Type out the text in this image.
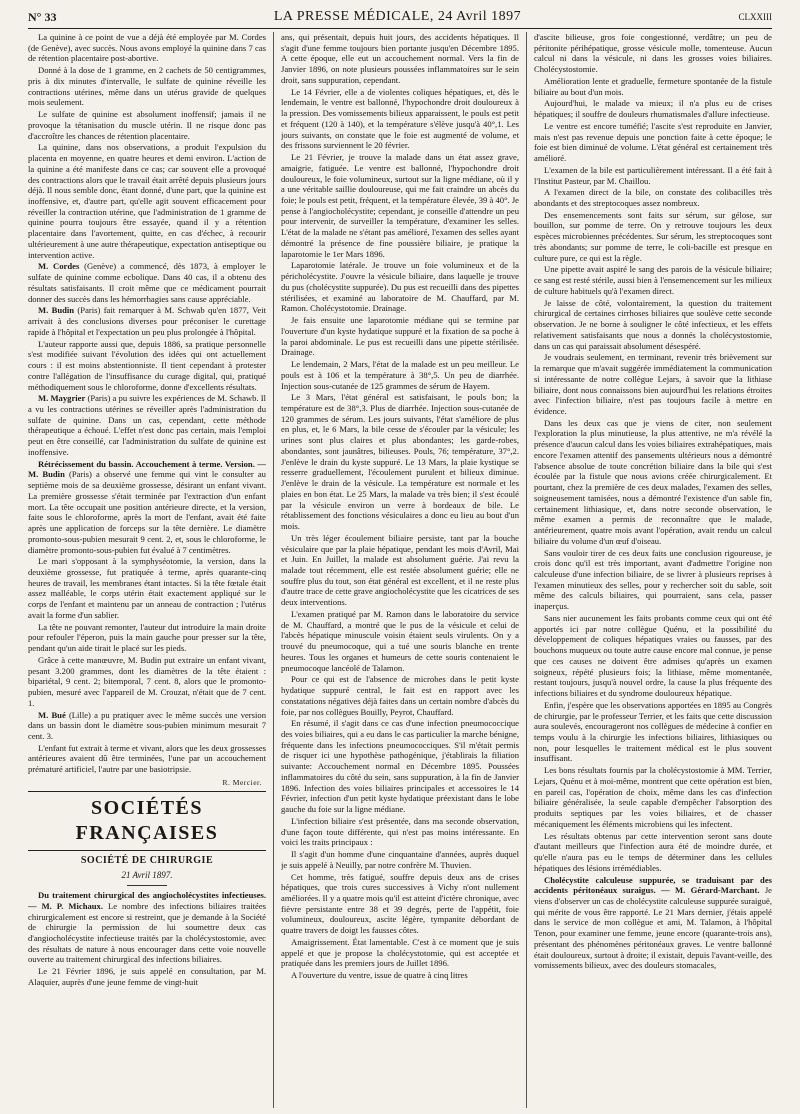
N° 33	LA PRESSE MÉDICALE, 24 Avril 1897	CLXXIII

La quinine à ce point de vue a déjà été employée par M. Cordes (de Genève), avec succès. Nous avons employé la quinine dans 7 cas de rétention placentaire post-abortive.

Donné à la dose de 1 gramme, en 2 cachets de 50 centigrammes, pris à dix minutes d'intervalle, le sulfate de quinine réveille les contractions utérines, même dans un utérus gravide de quelques mois seulement.

Le sulfate de quinine est absolument inoffensif; jamais il ne provoque la tétanisation du muscle utérin. Il ne risque donc pas d'accroître les chances de rétention placentaire.

La quinine, dans nos observations, a produit l'expulsion du placenta en moyenne, en quatre heures et demi environ. L'action de la quinine a été manifeste dans ce cas; car souvent elle a provoqué des contractions alors que le travail était arrêté depuis plusieurs jours déjà. Il nous semble donc, étant donné, d'une part, que la quinine est inoffensive, et, d'autre part, qu'elle agit souvent efficacement pour réveiller la contraction utérine, que l'administration de 1 gramme de quinine pourra toujours être essayée, quand il y a rétention placentaire dans l'avortement, quitte, en cas d'échec, à recourir ultérieurement à une autre thérapeutique, expectation antiseptique ou intervention active.

M. Cordes (Genève) a commencé, dès 1873, à employer le sulfate de quinine comme ecbolique. Dans 40 cas, il a obtenu des résultats satisfaisants. Il croit même que ce médicament pourrait donner des succès dans les hémorrhagies sans cause appréciable.

M. Budin (Paris) fait remarquer à M. Schwab qu'en 1877, Veit arrivait à des conclusions diverses pour préconiser le curettage rapide à l'hôpital et l'expectation un peu plus prolongée à l'hôpital.

L'auteur rapporte aussi que, depuis 1886, sa pratique personnelle s'est modifiée suivant l'évolution des idées qui ont actuellement cours : il est moins abstentionniste. Il tient cependant à protester contre l'allégation de l'insuffisance du curage digital, qui, pratiqué méthodiquement sous le chloroforme, donne d'excellents résultats.

M. Maygrier (Paris) a pu suivre les expériences de M. Schawb. Il a vu les contractions utérines se réveiller après l'administration du sulfate de quinine. Dans un cas, cependant, cette méthode thérapeutique a échoué. L'effet n'est donc pas certain, mais l'emploi peut en être conseillé, car l'administration du sulfate de quinine est inoffensive.

Rétrécissement du bassin. Accouchement à terme. Version. — M. Budin (Paris) a observé une femme qui vint le consulter au septième mois de sa deuxième grossesse, désirant un enfant vivant. La première grossesse s'était terminée par l'extraction d'un enfant mort. La tête occupait une position antérieure directe, et la version, faite sous le chloroforme, après la mort de l'enfant, avait été faite après une application de forceps sur la tête dernière. Le diamètre promonto-sous-pubien mesurait 9 cent. 2, et, sous le chloroforme, le diamètre promonto-sous-pubien fut évalué à 7 centimètres.

Le mari s'opposant à la symphyséotomie, la version, dans la deuxième grossesse, fut pratiquée à terme, après quarante-cinq heures de travail, les membranes étant intactes. Si la tête fœtale était assez malléable, le corps utérin était exactement appliqué sur le corps de l'enfant et maintenu par un anneau de contraction ; l'utérus avait la forme d'un sablier.

La tête ne pouvant remonter, l'auteur dut introduire la main droite pour refouler l'éperon, puis la main gauche pour presser sur la tête, pendant qu'un aide tirait le placé sur les pieds.

Grâce à cette manœuvre, M. Budin put extraire un enfant vivant, pesant 3.200 grammes, dont les diamètres de la tête étaient : bipariétal, 9 cent. 2; bitemporal, 7 cent. 8, alors que le promonto-pubien, mesuré avec l'appareil de M. Crouzat, n'était que de 7 cent. 1.

M. Bué (Lille) a pu pratiquer avec le même succès une version dans un bassin dont le diamètre sous-pubien minimum mesurait 7 cent. 3.

L'enfant fut extrait à terme et vivant, alors que les deux grossesses antérieures avaient dû être terminées, l'une par un accouchement prématuré artificiel, l'autre par une basiotripsie.

R. Mercier.

SOCIÉTÉS FRANÇAISES
SOCIÉTÉ DE CHIRURGIE
21 Avril 1897.

Du traitement chirurgical des angiocholécystites infectieuses. — M. P. Michaux. Le nombre des infections biliaires traitées chirurgicalement est encore si restreint, que je demande à la Société de chirurgie la permission de lui soumettre deux cas d'angiocholécystite infectieuse traités par la cholécystostomie, avec des résultats de nature à nous encourager dans cette voie nouvelle ouverte au traitement chirurgical des infections biliaires.

Le 21 Février 1896, je suis appelé en consultation, par M. Alaquier, auprès d'une jeune femme de vingt-huit

ans, qui présentait, depuis huit jours, des accidents hépatiques. Il s'agit d'une femme toujours bien portante jusqu'en Décembre 1895. A cette époque, elle eut un accouchement normal. Vers la fin de Janvier 1896, on note plusieurs poussées inflammatoires sur le sein droit, sans suppuration, cependant.

Le 14 Février, elle a de violentes coliques hépatiques, et, dès le lendemain, le ventre est ballonné, l'hypochondre droit douloureux à la pression. Des vomissements bilieux apparaissent, le pouls est petit et fréquent (120 à 140), et la température s'élève jusqu'à 40°,1. Les jours suivants, on constate que le foie est augmenté de volume, et des frissons surviennent le 20 février.

Le 21 Février, je trouve la malade dans un état assez grave, amaigrie, fatiguée. Le ventre est ballonné, l'hypochondre droit douloureux, le foie volumineux, surtout sur la ligne médiane, où il y a une véritable saillie douloureuse, qui me fait craindre un abcès du foie; le pouls est petit, fréquent, et la température élevée, 39 à 40°. Je pense à l'angiocholécystite; cependant, je conseille d'attendre un peu pour intervenir, de surveiller la température, d'examiner les selles. L'état de la malade ne s'étant pas amélioré, l'examen des selles ayant démontré la présence de fine poussière biliaire, je pratique la laparotomie le 1er Mars 1896.

Laparotomie latérale. Je trouve un foie volumineux et de la péricholécystite. J'ouvre la vésicule biliaire, dans laquelle je trouve du pus (cholécystite suppurée). Du pus est recueilli dans des pipettes stérilisées, et examiné au laboratoire de M. Chauffard, par M. Ramon. Cholécystotomie. Drainage.

Je fais ensuite une laparotomie médiane qui se termine par l'ouverture d'un kyste hydatique suppuré et la fixation de sa poche à la paroi abdominale. Le pus est recueilli dans une pipette stérilisée. Drainage.

Le lendemain, 2 Mars, l'état de la malade est un peu meilleur. Le pouls est à 106 et la température à 38°,5. Un peu de diarrhée. Injection sous-cutanée de 125 grammes de sérum de Hayem.

Le 3 Mars, l'état général est satisfaisant, le pouls bon; la température est de 38°,3. Plus de diarrhée. Injection sous-cutanée de 120 grammes de sérum. Les jours suivants, l'état s'améliore de plus en plus, et, le 6 Mars, la bile cesse de s'écouler par la vésicule; les urines sont plus claires et plus abondantes; les garde-robes, abondantes, sont jaunâtres, bilieuses. Pouls, 76; température, 37°,2. J'enlève le drain du kyste suppuré. Le 13 Mars, la plaie kystique se resserre graduellement, l'écoulement purulent et bilieux diminue. J'enlève le drain de la vésicule. La température est normale et les plaies en bon état. Le 25 Mars, la malade va très bien; il s'est écoulé par la vésicule environ un verre à bordeaux de bile. Le rétablissement des fonctions vésiculaires a donc eu lieu au bout d'un mois.

Un très léger écoulement biliaire persiste, tant par la bouche vésiculaire que par la plaie hépatique, pendant les mois d'Avril, Mai et Juin. En Juillet, la malade est absolument guérie. J'ai revu la malade tout récemment, elle est restée absolument guérie; elle ne souffre plus du tout, son état général est excellent, et il ne reste plus d'autre trace de cette grave angiocholécystite que les cicatrices de ses deux interventions.

L'examen pratiqué par M. Ramon dans le laboratoire du service de M. Chauffard, a montré que le pus de la vésicule et celui de l'abcès hépatique minuscule voisin étaient seuls virulents. On y a trouvé du pneumocoque, qui a tué une souris blanche en trente heures. Tous les organes et humeurs de cette souris contenaient le pneumocoque lancéolé de Talamon.

Pour ce qui est de l'absence de microbes dans le petit kyste hydatique suppuré central, le fait est en rapport avec les constatations négatives déjà faites dans un certain nombre d'abcès du foie, par nos collègues Bouilly, Peyrot, Chauffard.

En résumé, il s'agit dans ce cas d'une infection pneumococcique des voies biliaires, qui a eu dans le cas particulier la marche bénigne, fréquente dans les infections pneumococciques. S'il m'était permis de risquer ici une hypothèse pathogénique, j'établirais la filiation suivante: Accouchement normal en Décembre 1895. Poussées inflammatoires du côté du sein, sans suppuration, à la fin de Janvier 1896. Infection des voies biliaires principales et accessoires le 14 Février, infection d'un petit kyste hydatique préexistant dans le lobe gauche du foie sur la ligne médiane.

L'infection biliaire s'est présentée, dans ma seconde observation, d'une façon toute différente, qui n'est pas moins intéressante. En voici les traits principaux :

Il s'agit d'un homme d'une cinquantaine d'années, auprès duquel je suis appelé à Neuilly, par notre confrère M. Thuvien.

Cet homme, très fatigué, souffre depuis deux ans de crises hépatiques, que trois cures successives à Vichy n'ont nullement améliorées. Il y a quatre mois qu'il est atteint d'ictère chronique, avec fièvre persistante entre 38 et 39 degrés, perte de l'appétit, foie volumineux, douloureux, ascite légère, tympanite débordant de quatre travers de doigt les fausses côtes.

Amaigrissement. État lamentable. C'est à ce moment que je suis appelé et que je propose la cholécystotomie, qui est acceptée et pratiquée dans les premiers jours de Juillet 1896.

A l'ouverture du ventre, issue de quatre à cinq litres

d'ascite bilieuse, gros foie congestionné, verdâtre; un peu de péritonite périhépatique, grosse vésicule molle, tomenteuse. Aucun calcul ni dans la vésicule, ni dans les grosses voies biliaires. Cholécystostomie.

Amélioration lente et graduelle, fermeture spontanée de la fistule biliaire au bout d'un mois.

Aujourd'hui, le malade va mieux; il n'a plus eu de crises hépatiques; il souffre de douleurs rhumatismales d'allure infectieuse.

Le ventre est encore tuméfié; l'ascite s'est reproduite en Janvier, mais n'est pas revenue depuis une ponction faite à cette époque; le foie est bien diminué de volume. L'état général est certainement très amélioré.

L'examen de la bile est particulièrement intéressant. Il a été fait à l'Institut Pasteur, par M. Chaillou.

A l'examen direct de la bile, on constate des colibacilles très abondants et des streptocoques assez nombreux.

Des ensemencements sont faits sur sérum, sur gélose, sur bouillon, sur pomme de terre. On y retrouve toujours les deux espèces microbiennes précédentes. Sur sérum, les streptocoques sont très abondants; sur pomme de terre, le coli-bacille est presque en culture pure, ce qui est la règle.

Une pipette avait aspiré le sang des parois de la vésicule biliaire; ce sang est resté stérile, aussi bien à l'ensemencement sur les milieux de culture habituels qu'à l'examen direct.

Je laisse de côté, volontairement, la question du traitement chirurgical de certaines cirrhoses biliaires que soulève cette seconde observation. Je ne borne à souligner le côté infectieux, et les effets relativement satisfaisants que nous a donnés la cholécystostomie, dans un cas qui paraissait absolument désespéré.

Je voudrais seulement, en terminant, revenir très brièvement sur la remarque que m'avait suggérée immédiatement la communication si intéressante de notre collègue Lejars, à savoir que la lithiase biliaire, dont nous connaissons bien aujourd'hui les relations étroites avec l'infection biliaire, n'est pas toujours facile à mettre en évidence.

Dans les deux cas que je viens de citer, non seulement l'exploration la plus minutieuse, la plus attentive, ne m'a révélé la présence d'aucun calcul dans les voies biliaires extrahépatiques, mais encore l'examen attentif des pansements ultérieurs nous a démontré l'absence absolue de toute concrétion biliaire dans la bile qui s'est écoulée par la fistule que nous avions créée chirurgicalement. Et pourtant, chez la première de ces deux malades, l'examen des selles, soigneusement tamisées, nous a démontré l'existence d'un sable fin, certainement lithiasique, et, dans notre seconde observation, le même examen a permis de reconnaître que le malade, antérieurement, quatre mois avant l'opération, avait rendu un calcul biliaire du volume d'un œuf d'oiseau.

Sans vouloir tirer de ces deux faits une conclusion rigoureuse, je crois donc qu'il est très important, avant d'admettre l'origine non calculeuse d'une infection biliaire, de se livrer à plusieurs reprises à l'examen minutieux des selles, pour y rechercher soit du sable, soit même des calculs biliaires, qui pourraient, sans cela, passer inaperçus.

Sans nier aucunement les faits probants comme ceux qui ont été apportés ici par notre collègue Quénu, et la possibilité du développement de coliques hépatiques vraies ou fausses, par des bouchons muqueux ou toute autre cause encore mal connue, je pense que ces causes ne doivent être admises qu'après un examen soigneux, répété plusieurs fois; la lithiase, même momentanée, restant toujours, jusqu'à nouvel ordre, la cause la plus fréquente des infections biliaires et du syndrome douloureux hépatique.

Enfin, j'espère que les observations apportées en 1895 au Congrès de chirurgie, par le professeur Terrier, et les faits que cette discussion aura soulevés, encourageront nos collègues de médecine à confier en temps voulu à la chirurgie les infections biliaires, lithiasiques ou non, pour lesquelles le traitement médical est le plus souvent insuffisant.

Les bons résultats fournis par la cholécystostomie à MM. Terrier, Lejars, Quénu et à moi-même, montrent que cette opération est bien, en pareil cas, l'opération de choix, même dans les cas d'infection biliaire généralisée, la seule capable d'empêcher l'absorption des produits septiques par les voies biliaires, et de chasser mécaniquement les éléments microbiens qui les infectent.

Les résultats obtenus par cette intervention seront sans doute d'autant meilleurs que l'infection aura été de moindre durée, et qu'elle n'aura pas eu le temps de déterminer dans les cellules hépatiques des lésions irrémédiables.

Cholécystite calculeuse suppurée, se traduisant par des accidents péritonéaux suraigus. — M. Gérard-Marchant. Je viens d'observer un cas de cholécystite calculeuse suppurée suraiguë, qui mérite de vous être rapporté. Le 21 Mars dernier, j'étais appelé dans le service de mon collègue et ami, M. Talamon, à l'hôpital Tenon, pour examiner une femme, jeune encore (quarante-trois ans), présentant des phénomènes péritonéaux graves. Le ventre ballonné était douloureux, surtout à droite; il existait, depuis l'avant-veille, des vomissements bilieux, avec des douleurs stomacales,
